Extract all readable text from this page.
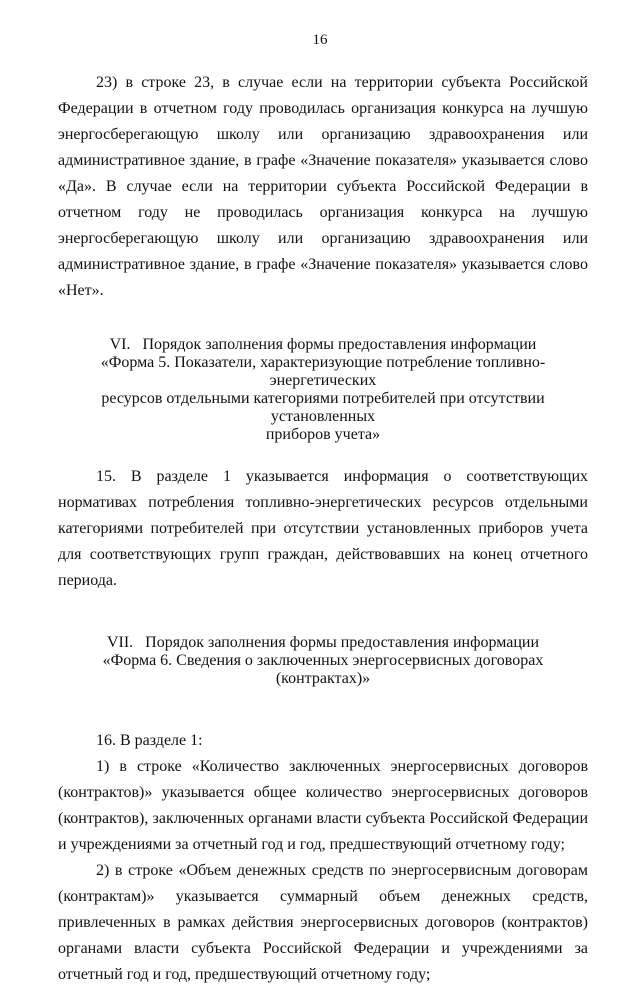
16

23) в строке 23, в случае если на территории субъекта Российской Федерации в отчетном году проводилась организация конкурса на лучшую энергосберегающую школу или организацию здравоохранения или административное здание, в графе «Значение показателя» указывается слово «Да». В случае если на территории субъекта Российской Федерации в отчетном году не проводилась организация конкурса на лучшую энергосберегающую школу или организацию здравоохранения или административное здание, в графе «Значение показателя» указывается слово «Нет».

VI.   Порядок заполнения формы предоставления информации
«Форма 5. Показатели, характеризующие потребление топливно-энергетических
ресурсов отдельными категориями потребителей при отсутствии установленных
приборов учета»

15. В разделе 1 указывается информация о соответствующих нормативах потребления топливно-энергетических ресурсов отдельными категориями потребителей при отсутствии установленных приборов учета для соответствующих групп граждан, действовавших на конец отчетного периода.

VII.   Порядок заполнения формы предоставления информации
«Форма 6. Сведения о заключенных энергосервисных договорах (контрактах)»

16. В разделе 1:

1) в строке «Количество заключенных энергосервисных договоров (контрактов)» указывается общее количество энергосервисных договоров (контрактов), заключенных органами власти субъекта Российской Федерации и учреждениями за отчетный год и год, предшествующий отчетному году;

2) в строке «Объем денежных средств по энергосервисным договорам (контрактам)» указывается суммарный объем денежных средств, привлеченных в рамках действия энергосервисных договоров (контрактов) органами власти субъекта Российской Федерации и учреждениями за отчетный год и год, предшествующий отчетному году;
